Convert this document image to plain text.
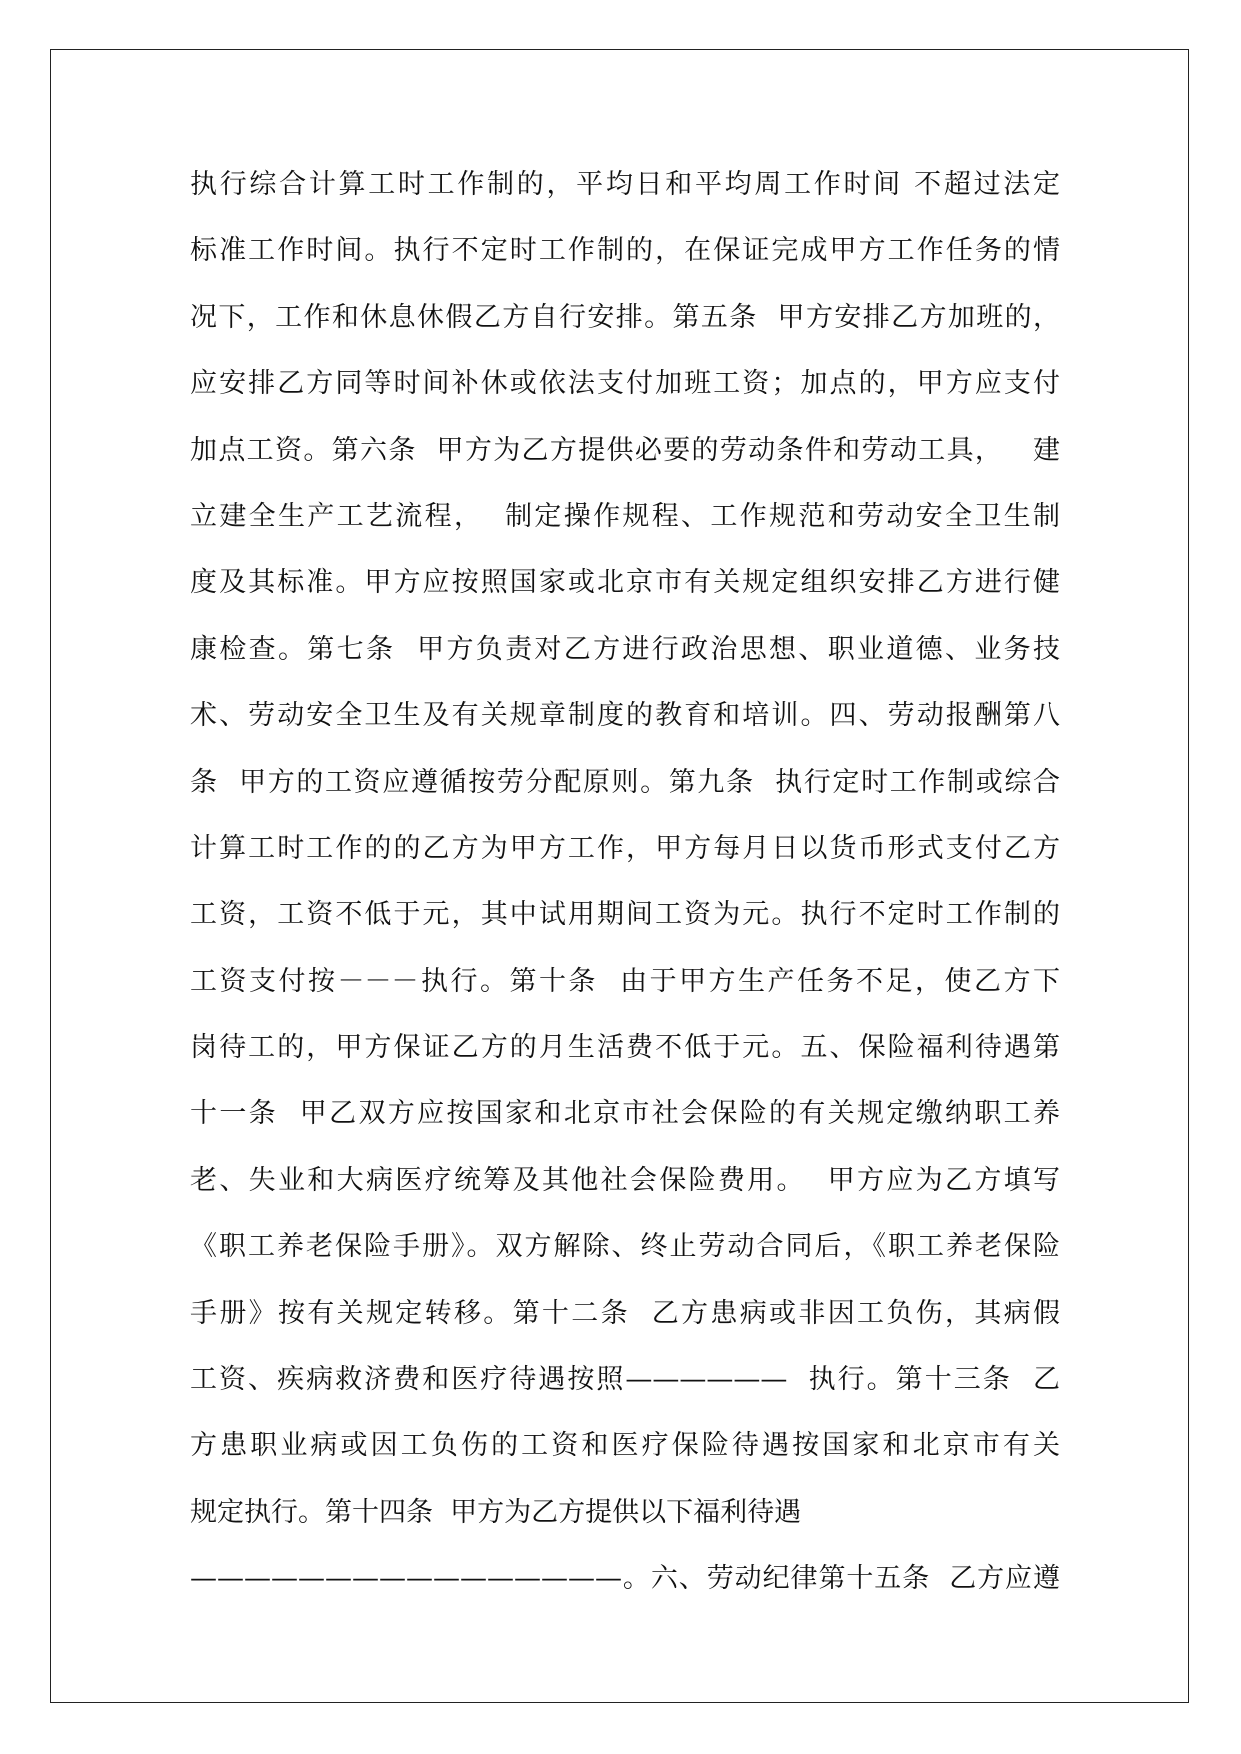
执行综合计算工时工作制的，平均日和平均周工作时间 不超过法定
标准工作时间。执行不定时工作制的，在保证完成甲方工作任务的情
况下，工作和休息休假乙方自行安排。第五条  甲方安排乙方加班的，
应安排乙方同等时间补休或依法支付加班工资；加点的，甲方应支付
加点工资。第六条  甲方为乙方提供必要的劳动条件和劳动工具，   建
立建全生产工艺流程，  制定操作规程、工作规范和劳动安全卫生制
度及其标准。甲方应按照国家或北京市有关规定组织安排乙方进行健
康检查。第七条  甲方负责对乙方进行政治思想、职业道德、业务技
术、劳动安全卫生及有关规章制度的教育和培训。四、劳动报酬第八
条  甲方的工资应遵循按劳分配原则。第九条  执行定时工作制或综合
计算工时工作的的乙方为甲方工作，甲方每月日以货币形式支付乙方
工资，工资不低于元，其中试用期间工资为元。执行不定时工作制的
工资支付按－－－执行。第十条  由于甲方生产任务不足，使乙方下
岗待工的，甲方保证乙方的月生活费不低于元。五、保险福利待遇第
十一条  甲乙双方应按国家和北京市社会保险的有关规定缴纳职工养
老、失业和大病医疗统筹及其他社会保险费用。  甲方应为乙方填写
《职工养老保险手册》。双方解除、终止劳动合同后，《职工养老保险
手册》按有关规定转移。第十二条  乙方患病或非因工负伤，其病假
工资、疾病救济费和医疗待遇按照——————  执行。第十三条  乙
方患职业病或因工负伤的工资和医疗保险待遇按国家和北京市有关
规定执行。第十四条  甲方为乙方提供以下福利待遇
————————————————。六、劳动纪律第十五条  乙方应遵
